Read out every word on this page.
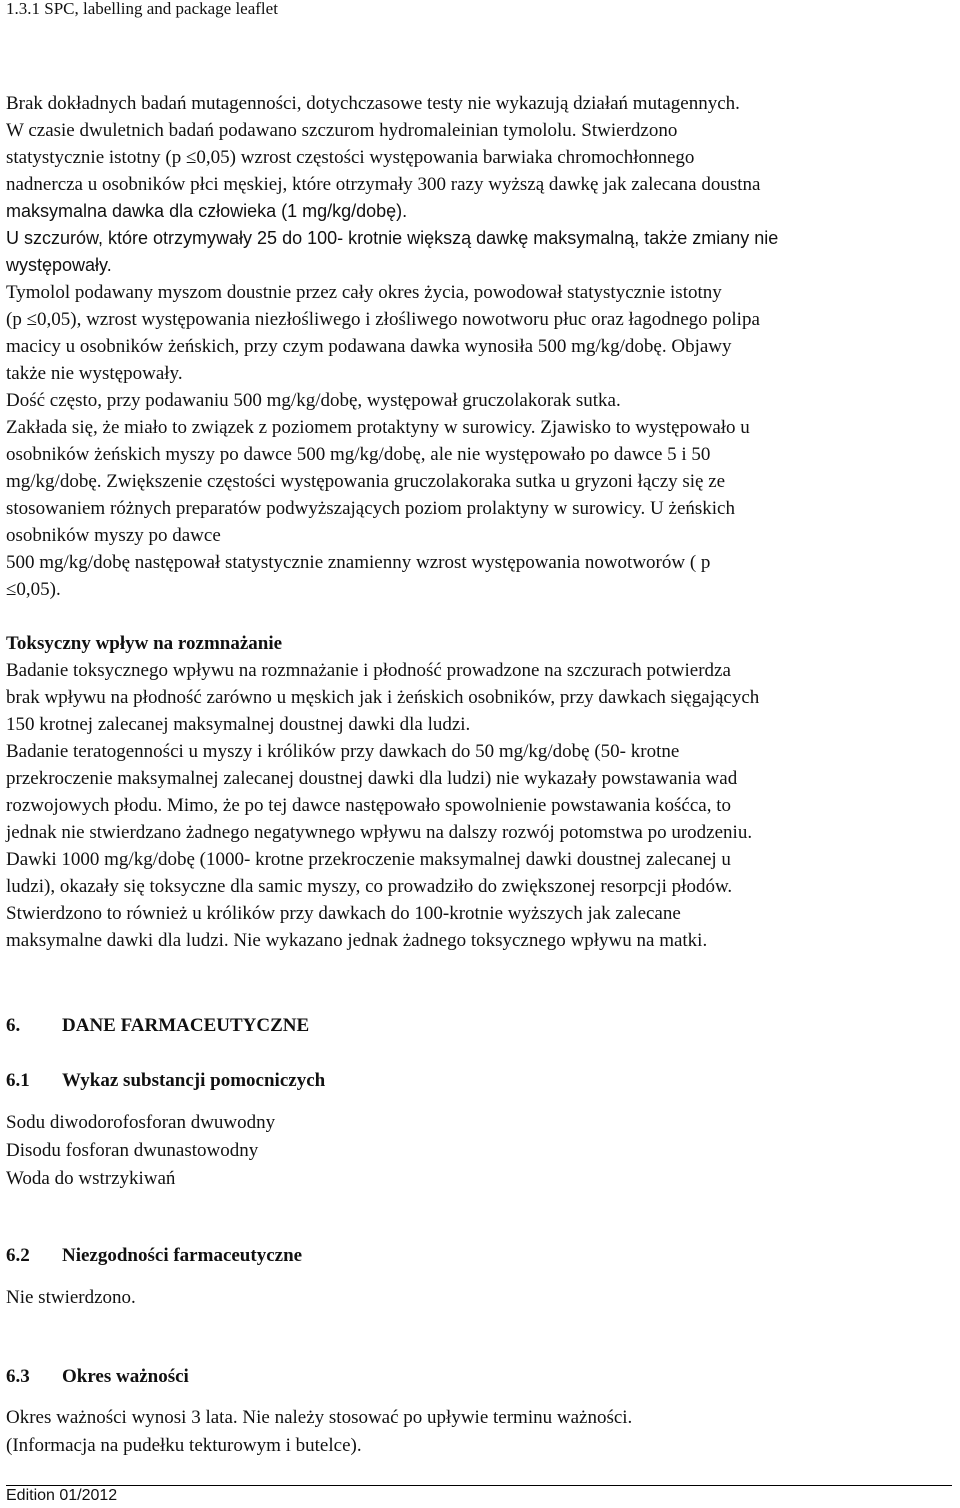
1.3.1 SPC, labelling and package leaflet
Brak dokładnych badań mutagenności, dotychczasowe testy nie wykazują działań mutagennych.
W czasie dwuletnich badań podawano szczurom hydromaleinian tymololu. Stwierdzono
statystycznie istotny (p ≤0,05) wzrost częstości występowania barwiaka chromochłonnego
nadnercza u osobników płci męskiej, które otrzymały 300 razy wyższą dawkę jak zalecana doustna
maksymalna dawka dla człowieka (1 mg/kg/dobę).
U szczurów, które otrzymywały 25 do 100- krotnie większą dawkę maksymalną, także zmiany nie
występowały.
Tymolol podawany myszom doustnie przez cały okres życia, powodował statystycznie istotny
(p ≤0,05), wzrost występowania niezłośliwego i złośliwego nowotworu płuc oraz łagodnego polipa
macicy u osobników żeńskich, przy czym podawana dawka wynosiła 500 mg/kg/dobę. Objawy
także nie występowały.
Dość często, przy podawaniu 500 mg/kg/dobę, występował gruczolakorak sutka.
Zakłada się, że miało to związek z poziomem protaktyny w surowicy. Zjawisko to występowało u
osobników żeńskich myszy po dawce 500 mg/kg/dobę, ale nie występowało po dawce 5 i 50
mg/kg/dobę. Zwiększenie częstości występowania gruczolakoraka sutka u gryzoni łączy się ze
stosowaniem różnych preparatów podwyższających poziom prolaktyny w surowicy. U żeńskich
osobników myszy po dawce
500 mg/kg/dobę następował statystycznie znamienny wzrost występowania nowotworów ( p
≤0,05).
Toksyczny wpływ na rozmnażanie
Badanie toksycznego wpływu na rozmnażanie i płodność prowadzone na szczurach potwierdza
brak wpływu na płodność zarówno u męskich jak i żeńskich osobników, przy dawkach sięgających
150 krotnej zalecanej maksymalnej doustnej dawki dla ludzi.
Badanie teratogenności u myszy i królików przy dawkach do 50 mg/kg/dobę (50- krotne
przekroczenie maksymalnej zalecanej doustnej dawki dla ludzi) nie wykazały powstawania wad
rozwojowych płodu. Mimo, że po tej dawce następowało spowolnienie powstawania kośćca, to
jednak nie stwierdzano żadnego negatywnego wpływu na dalszy rozwój potomstwa po urodzeniu.
Dawki 1000 mg/kg/dobę (1000- krotne przekroczenie maksymalnej dawki doustnej zalecanej u
ludzi), okazały się toksyczne dla samic myszy, co prowadziło do zwiększonej resorpcji płodów.
Stwierdzono to również u królików przy dawkach do 100-krotnie wyższych jak zalecane
maksymalne dawki dla ludzi. Nie wykazano jednak żadnego toksycznego wpływu na matki.
6. DANE FARMACEUTYCZNE
6.1 Wykaz substancji pomocniczych
Sodu diwodorofosforan dwuwodny
Disodu fosforan dwunastowodny
Woda do wstrzykiwań
6.2 Niezgodności farmaceutyczne
Nie stwierdzono.
6.3 Okres ważności
Okres ważności wynosi 3 lata. Nie należy stosować po upływie terminu ważności.
(Informacja na pudełku tekturowym i butelce).
Edition 01/2012
